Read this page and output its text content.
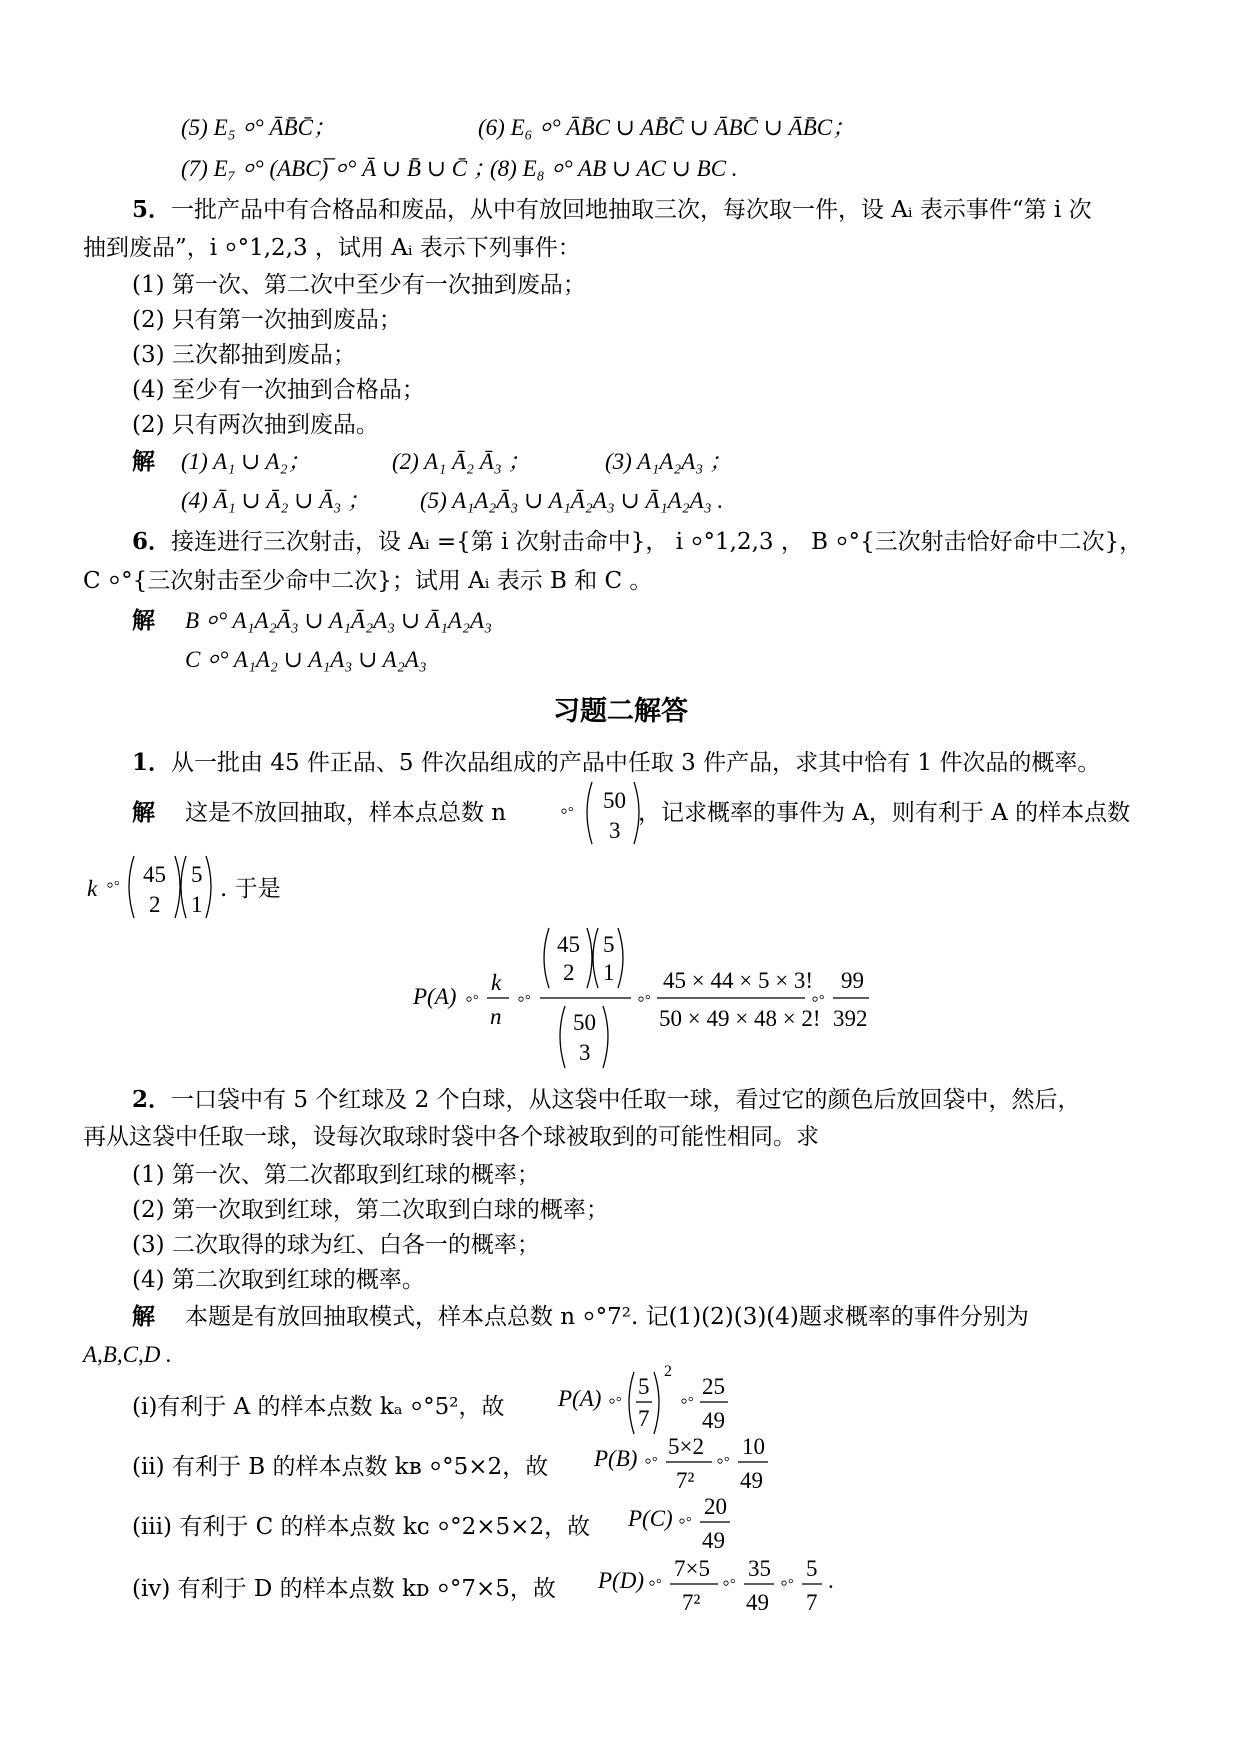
(5) E₅ ⸰° ĀB̄C̄；	(6) E₆ ⸰° ĀB̄C ∪ AB̄C̄ ∪ ĀBC̄ ∪ ĀB̄C；
(7) E₇ ⸰° (ABC)̅ ⸰° Ā ∪ B̄ ∪ C̄ ；
(8) E₈ ⸰° AB ∪ AC ∪ BC .
5．一批产品中有合格品和废品，从中有放回地抽取三次，每次取一件，设 Aᵢ 表示事件“第 i 次
抽到废品”，i ⸰°1,2,3 ，试用 Aᵢ 表示下列事件：
(1) 第一次、第二次中至少有一次抽到废品；
(2) 只有第一次抽到废品；
(3) 三次都抽到废品；
(4) 至少有一次抽到合格品；
(2) 只有两次抽到废品。
解 (1) A₁ ∪ A₂；	(2) A₁ Ā₂ Ā₃ ；	(3) A₁A₂A₃ ；
(4) Ā₁ ∪ Ā₂ ∪ Ā₃ ； (5) A₁A₂Ā₃ ∪ A₁Ā₂A₃ ∪ Ā₁A₂A₃ .
6．接连进行三次射击，设 Aᵢ ={第 i 次射击命中}， i ⸰°1,2,3 ， B ⸰°{三次射击恰好命中二次}，
C ⸰°{三次射击至少命中二次}；试用 Aᵢ 表示 B 和 C 。
解 B ⸰° A₁A₂Ā₃ ∪ A₁Ā₂A₃ ∪ Ā₁A₂A₃
C ⸰° A₁A₂ ∪ A₁A₃ ∪ A₂A₃
习题二解答
1．从一批由 45 件正品、5 件次品组成的产品中任取 3 件产品，求其中恰有 1 件次品的概率。
解 这是不放回抽取，样本点总数 n	⸰° 50
3
，记求概率的事件为 A，则有利于 A 的样本点数
k ⸰° 45
2
5
1
. 于是
P(A) ⸰°
k
n
⸰°
45
2
5
1
50
3
⸰°
45 × 44 × 5 × 3!
50 × 49 × 48 × 2!
⸰°
99
392
2．一口袋中有 5 个红球及 2 个白球，从这袋中任取一球，看过它的颜色后放回袋中，然后，
再从这袋中任取一球，设每次取球时袋中各个球被取到的可能性相同。求
(1) 第一次、第二次都取到红球的概率；
(2) 第一次取到红球，第二次取到白球的概率；
(3) 二次取得的球为红、白各一的概率；
(4) 第二次取到红球的概率。
解 本题是有放回抽取模式，样本点总数 n ⸰°7². 记(1)(2)(3)(4)题求概率的事件分别为
A,B,C,D .
(ⅰ)有利于 A 的样本点数 kₐ ⸰°5²，故 P(A) ⸰°
5
7
2
⸰°
25
49
(ⅱ) 有利于 B 的样本点数 kʙ ⸰°5×2，故 P(B) ⸰°
5×2
7²
⸰°
10
49
(ⅲ) 有利于 C 的样本点数 kᴄ ⸰°2×5×2，故 P(C) ⸰°
20
49
(ⅳ) 有利于 D 的样本点数 kᴅ ⸰°7×5，故 P(D) ⸰°
7×5
7²
⸰°
35
49
⸰°
5
7
.
